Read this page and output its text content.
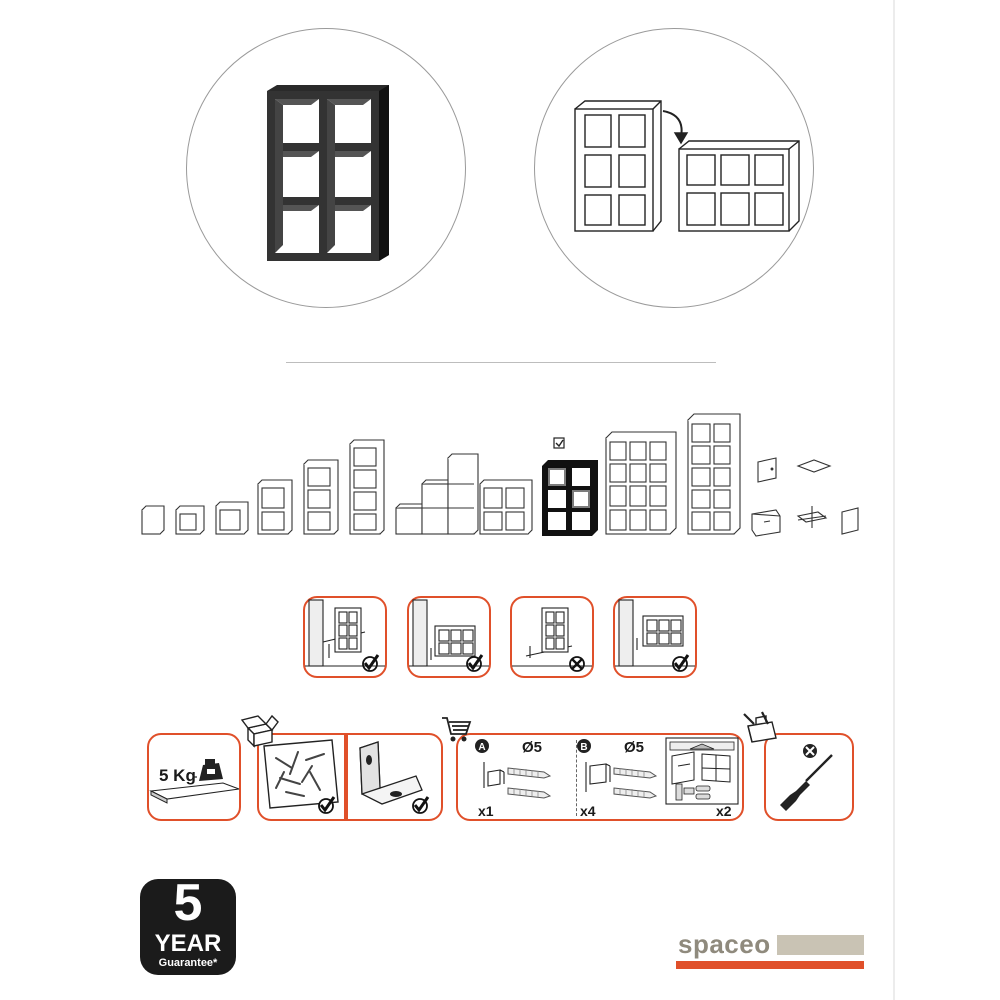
5 Kg
A Ø5
x1
B Ø5
x4	x2
5
YEAR
Guarantee*
spaceo
